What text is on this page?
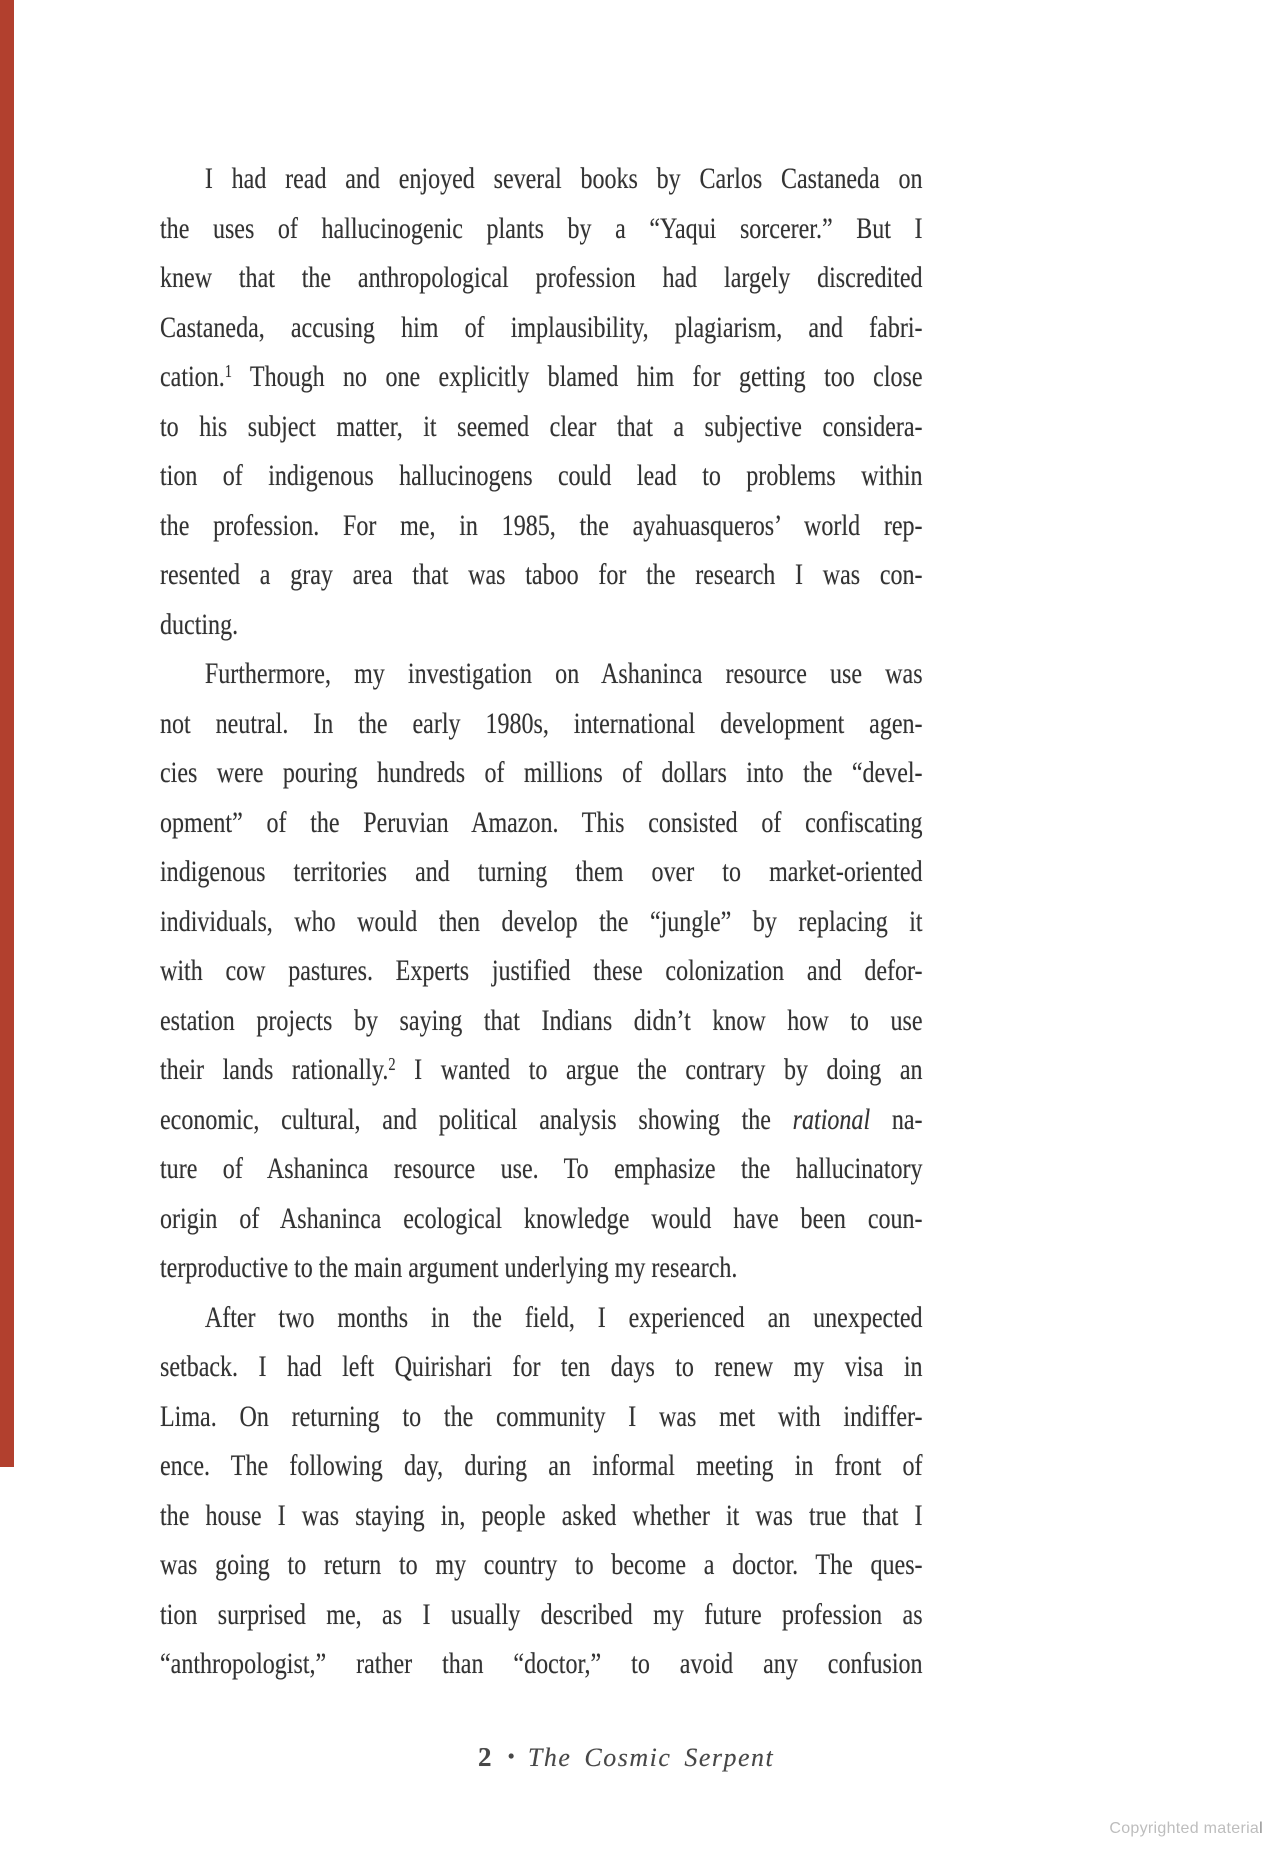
I had read and enjoyed several books by Carlos Castaneda on
the uses of hallucinogenic plants by a “Yaqui sorcerer.” But I
knew that the anthropological profession had largely discredited
Castaneda, accusing him of implausibility, plagiarism, and fabri-
cation.$^1$ Though no one explicitly blamed him for getting too close
to his subject matter, it seemed clear that a subjective considera-
tion of indigenous hallucinogens could lead to problems within
the profession. For me, in 1985, the ayahuasqueros’ world rep-
resented a gray area that was taboo for the research I was con-
ducting.
Furthermore, my investigation on Ashaninca resource use was
not neutral. In the early 1980s, international development agen-
cies were pouring hundreds of millions of dollars into the “devel-
opment” of the Peruvian Amazon. This consisted of confiscating
indigenous territories and turning them over to market-oriented
individuals, who would then develop the “jungle” by replacing it
with cow pastures. Experts justified these colonization and defor-
estation projects by saying that Indians didn’t know how to use
their lands rationally.$^2$ I wanted to argue the contrary by doing an
economic, cultural, and political analysis showing the rational na-
ture of Ashaninca resource use. To emphasize the hallucinatory
origin of Ashaninca ecological knowledge would have been coun-
terproductive to the main argument underlying my research.
After two months in the field, I experienced an unexpected
setback. I had left Quirishari for ten days to renew my visa in
Lima. On returning to the community I was met with indiffer-
ence. The following day, during an informal meeting in front of
the house I was staying in, people asked whether it was true that I
was going to return to my country to become a doctor. The ques-
tion surprised me, as I usually described my future profession as
“anthropologist,” rather than “doctor,” to avoid any confusion
2 • The Cosmic Serpent
Copyrighted material
